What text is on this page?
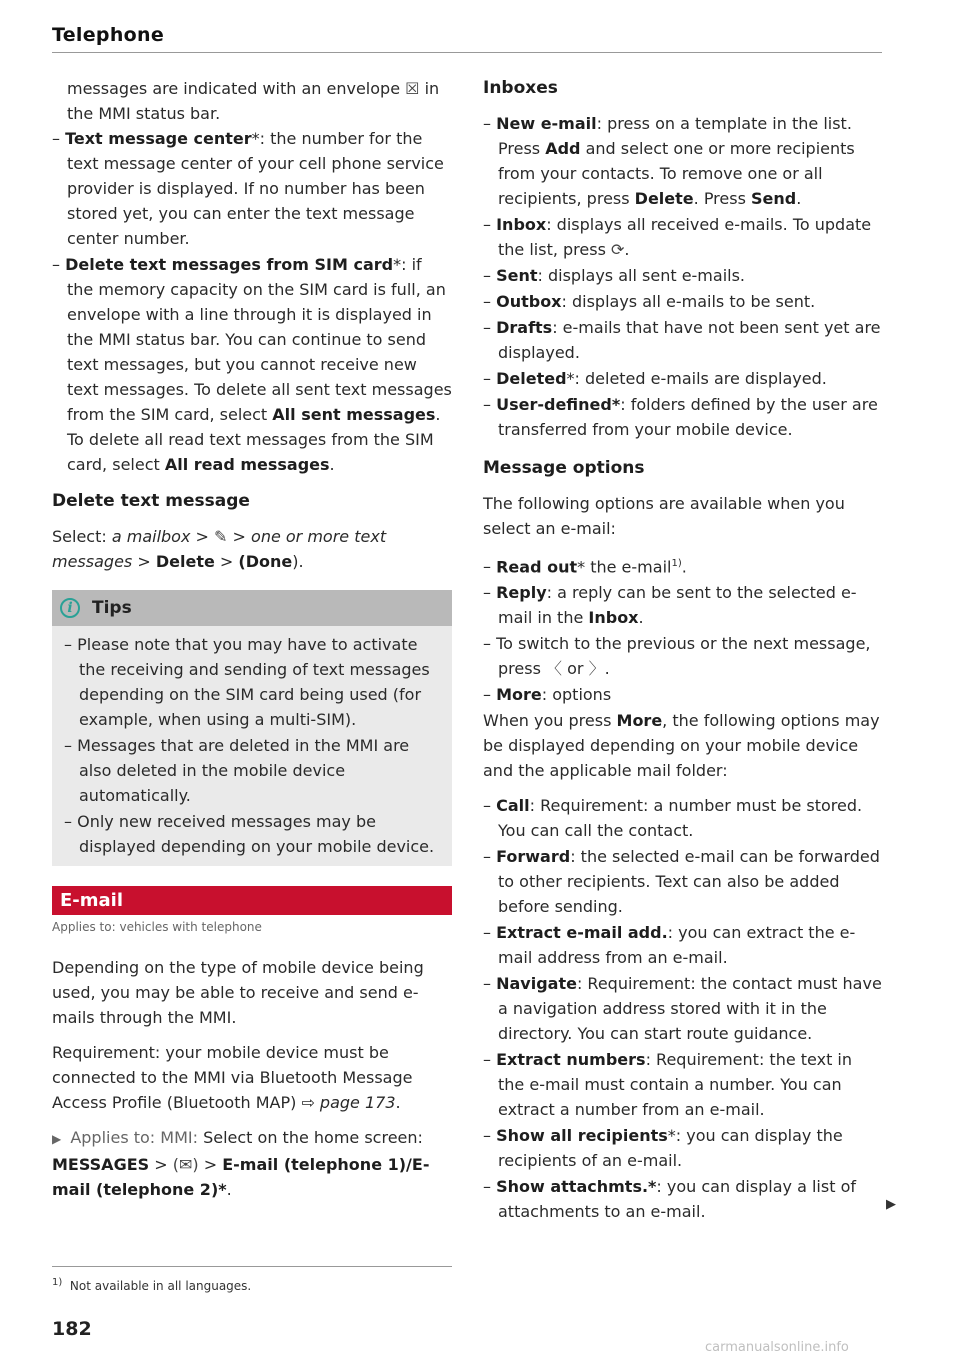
Telephone

messages are indicated with an envelope ☒ in the MMI status bar.

– Text message center*: the number for the text message center of your cell phone service provider is displayed. If no number has been stored yet, you can enter the text message center number.

– Delete text messages from SIM card*: if the memory capacity on the SIM card is full, an envelope with a line through it is displayed in the MMI status bar. You can continue to send text messages, but you cannot receive new text messages. To delete all sent text messages from the SIM card, select All sent messages. To delete all read text messages from the SIM card, select All read messages.

Delete text message

Select: a mailbox > ✎ > one or more text messages > Delete > (Done).

i	Tips

– Please note that you may have to activate the receiving and sending of text messages depending on the SIM card being used (for example, when using a multi-SIM).

– Messages that are deleted in the MMI are also deleted in the mobile device automatically.

– Only new received messages may be displayed depending on your mobile device.

E-mail
Applies to: vehicles with telephone

Depending on the type of mobile device being used, you may be able to receive and send e-mails through the MMI.

Requirement: your mobile device must be connected to the MMI via Bluetooth Message Access Profile (Bluetooth MAP) ⇨ page 173.

▶ Applies to: MMI: Select on the home screen: MESSAGES > (✉) > E-mail (telephone 1)/E-mail (telephone 2)*.

Inboxes

– New e-mail: press on a template in the list. Press Add and select one or more recipients from your contacts. To remove one or all recipients, press Delete. Press Send.

– Inbox: displays all received e-mails. To update the list, press ⟳.

– Sent: displays all sent e-mails.

– Outbox: displays all e-mails to be sent.

– Drafts: e-mails that have not been sent yet are displayed.

– Deleted*: deleted e-mails are displayed.

– User-defined*: folders defined by the user are transferred from your mobile device.

Message options

The following options are available when you select an e-mail:

– Read out* the e-mail$^{1)}$.

– Reply: a reply can be sent to the selected e-mail in the Inbox.

– To switch to the previous or the next message, press 〈 or 〉.

– More: options

When you press More, the following options may be displayed depending on your mobile device and the applicable mail folder:

– Call: Requirement: a number must be stored. You can call the contact.

– Forward: the selected e-mail can be forwarded to other recipients. Text can also be added before sending.

– Extract e-mail add.: you can extract the e-mail address from an e-mail.

– Navigate: Requirement: the contact must have a navigation address stored with it in the directory. You can start route guidance.

– Extract numbers: Requirement: the text in the e-mail must contain a number. You can extract a number from an e-mail.

– Show all recipients*: you can display the recipients of an e-mail.

– Show attachmts.*: you can display a list of attachments to an e-mail.	▶
$^{1)}$ Not available in all languages.
182
carmanualsonline.info
